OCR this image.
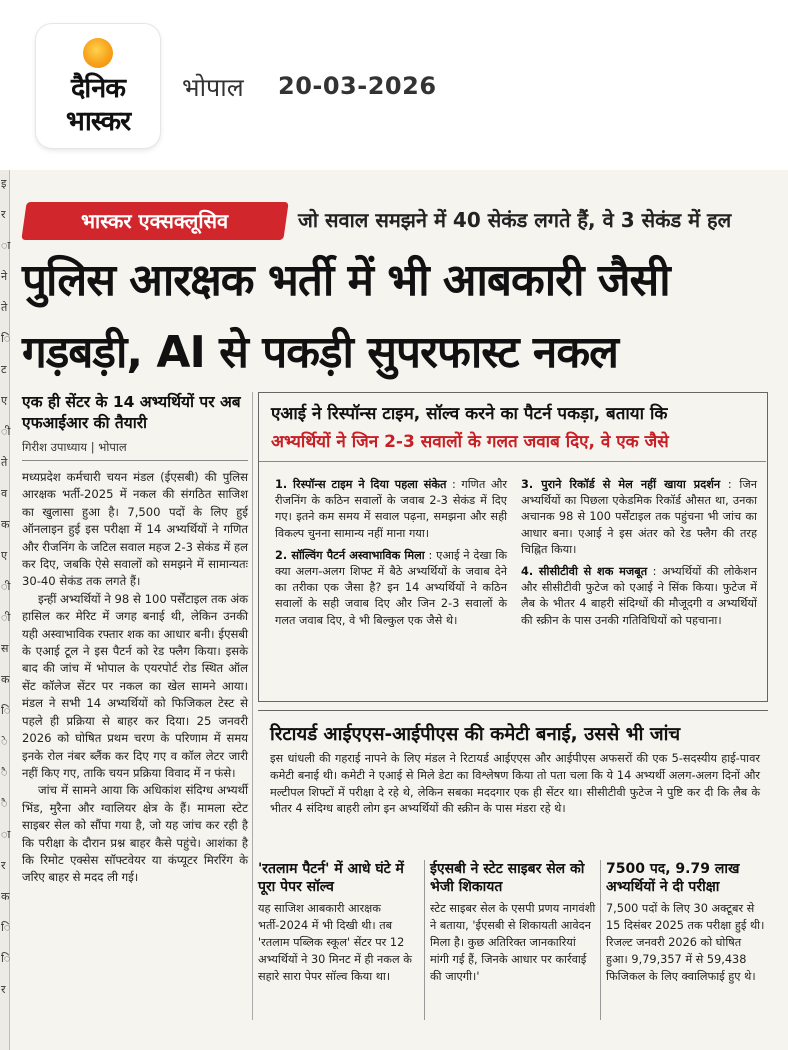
दैनिक
भास्कर
भोपाल 20-03-2026
इ
र
ा
ने
ते
ि
ट
ए
ी
ते
व
क
ए
ी
ी
स
क
ि
े
ै
ै
ा
र
क
ि
ि
र
भास्कर एक्सक्लूसिव	जो सवाल समझने में 40 सेकंड लगते हैं, वे 3 सेकंड में हल
पुलिस आरक्षक भर्ती में भी आबकारी जैसी
गड़बड़ी, AI से पकड़ी सुपरफास्ट नकल
एक ही सेंटर के 14 अभ्यर्थियों पर अब एफआईआर की तैयारी
गिरीश उपाध्याय | भोपाल

मध्यप्रदेश कर्मचारी चयन मंडल (ईएसबी) की पुलिस आरक्षक भर्ती-2025 में नकल की संगठित साजिश का खुलासा हुआ है। 7,500 पदों के लिए हुई ऑनलाइन हुई इस परीक्षा में 14 अभ्यर्थियों ने गणित और रीजनिंग के जटिल सवाल महज 2-3 सेकंड में हल कर दिए, जबकि ऐसे सवालों को समझने में सामान्यतः 30-40 सेकंड तक लगते हैं।

इन्हीं अभ्यर्थियों ने 98 से 100 पर्सेंटाइल तक अंक हासिल कर मेरिट में जगह बनाई थी, लेकिन उनकी यही अस्वाभाविक रफ्तार शक का आधार बनी। ईएसबी के एआई टूल ने इस पैटर्न को रेड फ्लैग किया। इसके बाद की जांच में भोपाल के एयरपोर्ट रोड स्थित ऑल सेंट कॉलेज सेंटर पर नकल का खेल सामने आया। मंडल ने सभी 14 अभ्यर्थियों को फिजिकल टेस्ट से पहले ही प्रक्रिया से बाहर कर दिया। 25 जनवरी 2026 को घोषित प्रथम चरण के परिणाम में समय इनके रोल नंबर ब्लैंक कर दिए गए व कॉल लेटर जारी नहीं किए गए, ताकि चयन प्रक्रिया विवाद में न फंसे।

जांच में सामने आया कि अधिकांश संदिग्ध अभ्यर्थी भिंड, मुरैना और ग्वालियर क्षेत्र के हैं। मामला स्टेट साइबर सेल को सौंपा गया है, जो यह जांच कर रही है कि परीक्षा के दौरान प्रश्न बाहर कैसे पहुंचे। आशंका है कि रिमोट एक्सेस सॉफ्टवेयर या कंप्यूटर मिररिंग के जरिए बाहर से मदद ली गई।

एआई ने रिस्पॉन्स टाइम, सॉल्व करने का पैटर्न पकड़ा, बताया कि
अभ्यर्थियों ने जिन 2-3 सवालों के गलत जवाब दिए, वे एक जैसे
1. रिस्पॉन्स टाइम ने दिया पहला संकेत : गणित और रीजनिंग के कठिन सवालों के जवाब 2-3 सेकंड में दिए गए। इतने कम समय में सवाल पढ़ना, समझना और सही विकल्प चुनना सामान्य नहीं माना गया।
2. सॉल्विंग पैटर्न अस्वाभाविक मिला : एआई ने देखा कि क्या अलग-अलग शिफ्ट में बैठे अभ्यर्थियों के जवाब देने का तरीका एक जैसा है? इन 14 अभ्यर्थियों ने कठिन सवालों के सही जवाब दिए और जिन 2-3 सवालों के गलत जवाब दिए, वे भी बिल्कुल एक जैसे थे।
3. पुराने रिकॉर्ड से मेल नहीं खाया प्रदर्शन : जिन अभ्यर्थियों का पिछला एकेडमिक रिकॉर्ड औसत था, उनका अचानक 98 से 100 पर्सेंटाइल तक पहुंचना भी जांच का आधार बना। एआई ने इस अंतर को रेड फ्लैग की तरह चिह्नित किया।
4. सीसीटीवी से शक मजबूत : अभ्यर्थियों की लोकेशन और सीसीटीवी फुटेज को एआई ने सिंक किया। फुटेज में लैब के भीतर 4 बाहरी संदिग्धों की मौजूदगी व अभ्यर्थियों की स्क्रीन के पास उनकी गतिविधियों को पहचाना।
रिटायर्ड आईएएस-आईपीएस की कमेटी बनाई, उससे भी जांच
इस धांधली की गहराई नापने के लिए मंडल ने रिटायर्ड आईएएस और आईपीएस अफसरों की एक 5-सदस्यीय हाई-पावर कमेटी बनाई थी। कमेटी ने एआई से मिले डेटा का विश्लेषण किया तो पता चला कि ये 14 अभ्यर्थी अलग-अलग दिनों और मल्टीपल शिफ्टों में परीक्षा दे रहे थे, लेकिन सबका मददगार एक ही सेंटर था। सीसीटीवी फुटेज ने पुष्टि कर दी कि लैब के भीतर 4 संदिग्ध बाहरी लोग इन अभ्यर्थियों की स्क्रीन के पास मंडरा रहे थे।
'रतलाम पैटर्न' में आधे घंटे में पूरा पेपर सॉल्व
यह साजिश आबकारी आरक्षक भर्ती-2024 में भी दिखी थी। तब 'रतलाम पब्लिक स्कूल' सेंटर पर 12 अभ्यर्थियों ने 30 मिनट में ही नकल के सहारे सारा पेपर सॉल्व किया था।
ईएसबी ने स्टेट साइबर सेल को भेजी शिकायत
स्टेट साइबर सेल के एसपी प्रणय नागवंशी ने बताया, 'ईएसबी से शिकायती आवेदन मिला है। कुछ अतिरिक्त जानकारियां मांगी गई हैं, जिनके आधार पर कार्रवाई की जाएगी।'
7500 पद, 9.79 लाख अभ्यर्थियों ने दी परीक्षा
7,500 पदों के लिए 30 अक्टूबर से 15 दिसंबर 2025 तक परीक्षा हुई थी। रिजल्ट जनवरी 2026 को घोषित हुआ। 9,79,357 में से 59,438 फिजिकल के लिए क्वालिफाई हुए थे।
